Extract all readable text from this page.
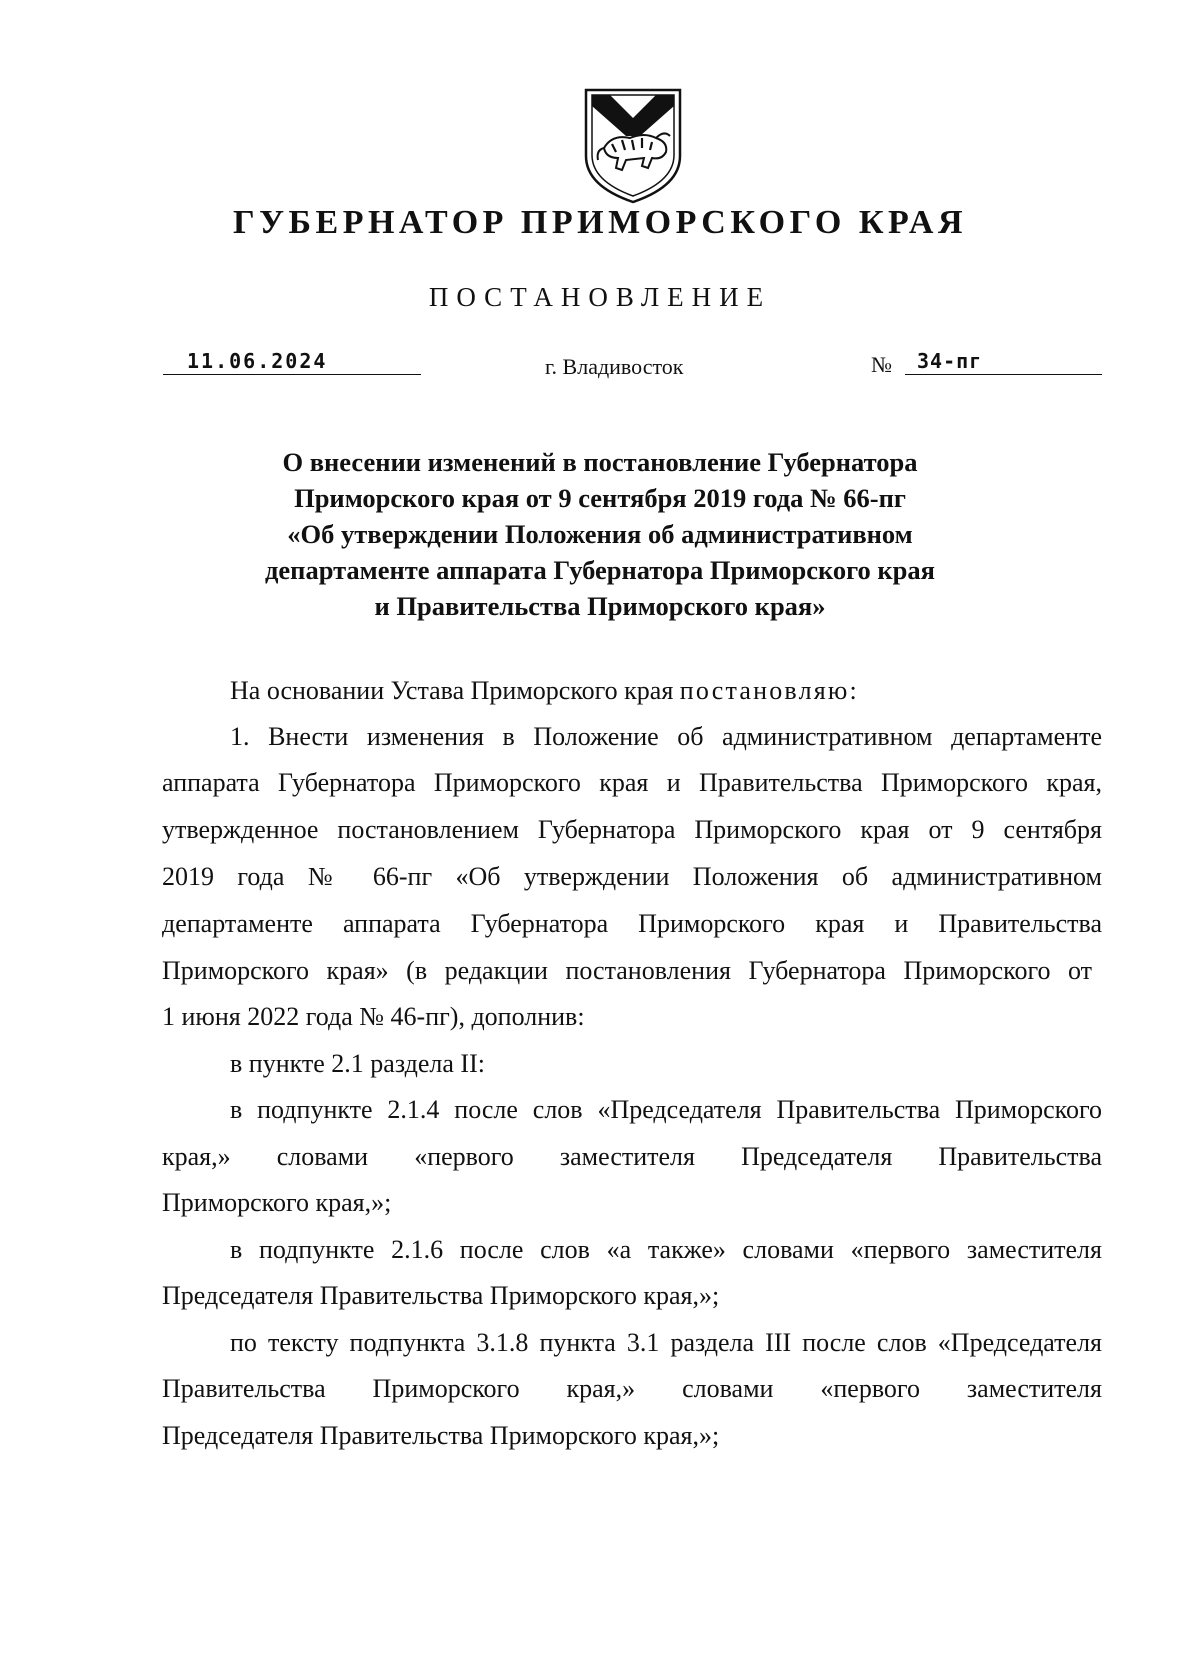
ГУБЕРНАТОР ПРИМОРСКОГО КРАЯ
ПОСТАНОВЛЕНИЕ
11.06.2024	г. Владивосток	№	34-пг
О внесении изменений в постановление Губернатора
Приморского края от 9 сентября 2019 года № 66-пг
«Об утверждении Положения об административном
департаменте аппарата Губернатора Приморского края
и Правительства Приморского края»
На основании Устава Приморского края постановляю:
1. Внести изменения в Положение об административном департаменте
аппарата Губернатора Приморского края и Правительства Приморского края,
утвержденное постановлением Губернатора Приморского края от 9 сентября
2019 года № 66-пг «Об утверждении Положения об административном
департаменте аппарата Губернатора Приморского края и Правительства
Приморского края» (в редакции постановления Губернатора Приморского от
1 июня 2022 года № 46-пг), дополнив:
в пункте 2.1 раздела II:
в подпункте 2.1.4 после слов «Председателя Правительства Приморского
края,» словами «первого заместителя Председателя Правительства
Приморского края,»;
в подпункте 2.1.6 после слов «а также» словами «первого заместителя
Председателя Правительства Приморского края,»;
по тексту подпункта 3.1.8 пункта 3.1 раздела III после слов «Председателя
Правительства Приморского края,» словами «первого заместителя
Председателя Правительства Приморского края,»;
